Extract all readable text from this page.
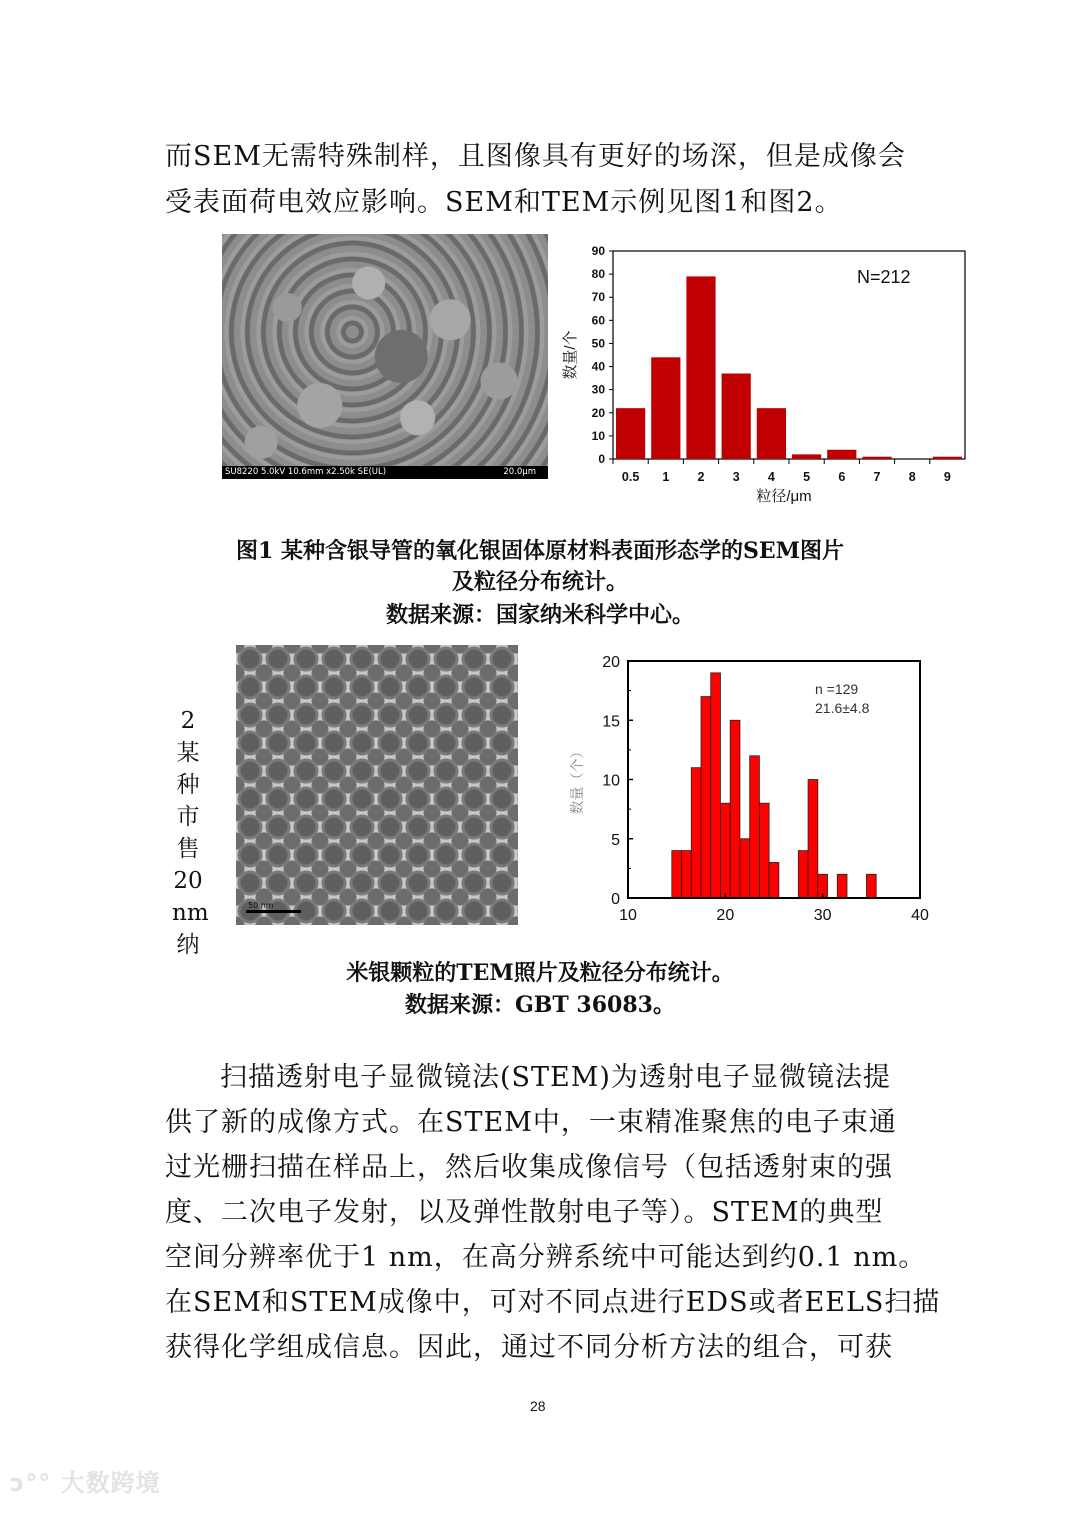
而SEM无需特殊制样，且图像具有更好的场深，但是成像会
受表面荷电效应影响。SEM和TEM示例见图1和图2。
SU8220 5.0kV 10.6mm x2.50k SE(UL)	20.0μm
0
10
20
30
40
50
60
70
80
90
0.5 1 2 3 4 5 6 7 8 9
粒径/μm
数量/个
N=212
0
5
10
15
20
10	20	30	40
数量（个）
n =129
21.6±4.8
图1 某种含银导管的氧化银固体原材料表面形态学的SEM图片
及粒径分布统计。
数据来源：国家纳米科学中心。
2
某
种
市
售
20
nm
纳
50 nm
米银颗粒的TEM照片及粒径分布统计。
数据来源：GBT 36083。
扫描透射电子显微镜法(STEM)为透射电子显微镜法提
供了新的成像方式。在STEM中，一束精准聚焦的电子束通
过光栅扫描在样品上，然后收集成像信号（包括透射束的强
度、二次电子发射，以及弹性散射电子等）。STEM的典型
空间分辨率优于1 nm，在高分辨系统中可能达到约0.1 nm。
在SEM和STEM成像中，可对不同点进行EDS或者EELS扫描
获得化学组成信息。因此，通过不同分析方法的组合，可获
28
ↄ°° 大数跨境
